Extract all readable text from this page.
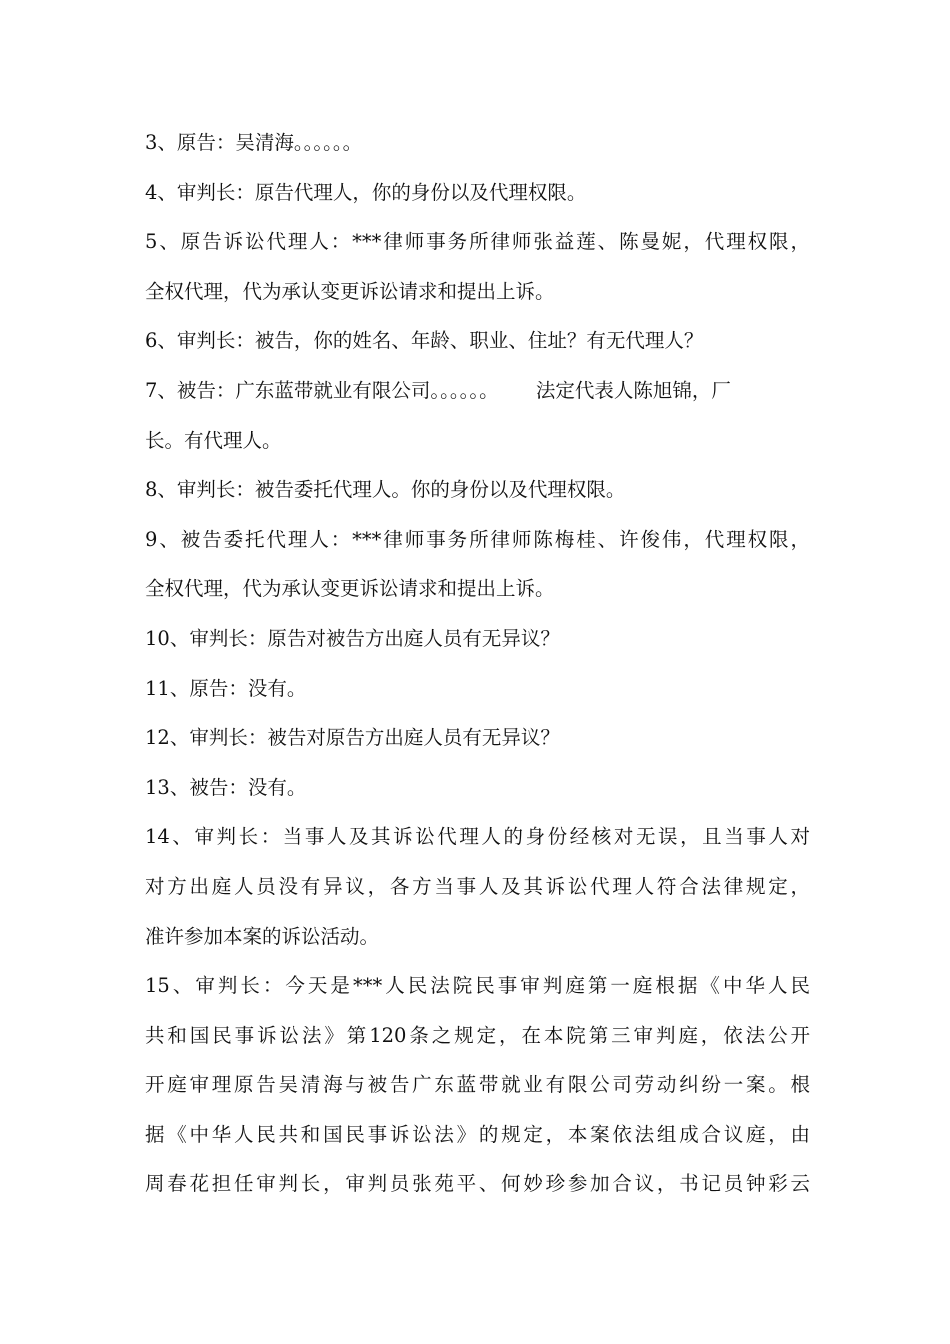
3、原告：吴清海。。。。。。
4、审判长：原告代理人，你的身份以及代理权限。
5、原告诉讼代理人：***律师事务所律师张益莲、陈曼妮，代理权限，
全权代理，代为承认变更诉讼请求和提出上诉。
6、审判长：被告，你的姓名、年龄、职业、住址？有无代理人？
7、被告：广东蓝带就业有限公司。。。。。。      法定代表人陈旭锦，厂
长。有代理人。
8、审判长：被告委托代理人。你的身份以及代理权限。
9、被告委托代理人：***律师事务所律师陈梅桂、许俊伟，代理权限，
全权代理，代为承认变更诉讼请求和提出上诉。
10、审判长：原告对被告方出庭人员有无异议？
11、原告：没有。
12、审判长：被告对原告方出庭人员有无异议？
13、被告：没有。
14、审判长：当事人及其诉讼代理人的身份经核对无误，且当事人对
对方出庭人员没有异议，各方当事人及其诉讼代理人符合法律规定，
准许参加本案的诉讼活动。
15、审判长：今天是***人民法院民事审判庭第一庭根据《中华人民
共和国民事诉讼法》第120条之规定，在本院第三审判庭，依法公开
开庭审理原告吴清海与被告广东蓝带就业有限公司劳动纠纷一案。根
据《中华人民共和国民事诉讼法》的规定，本案依法组成合议庭，由
周春花担任审判长，审判员张苑平、何妙珍参加合议，书记员钟彩云
